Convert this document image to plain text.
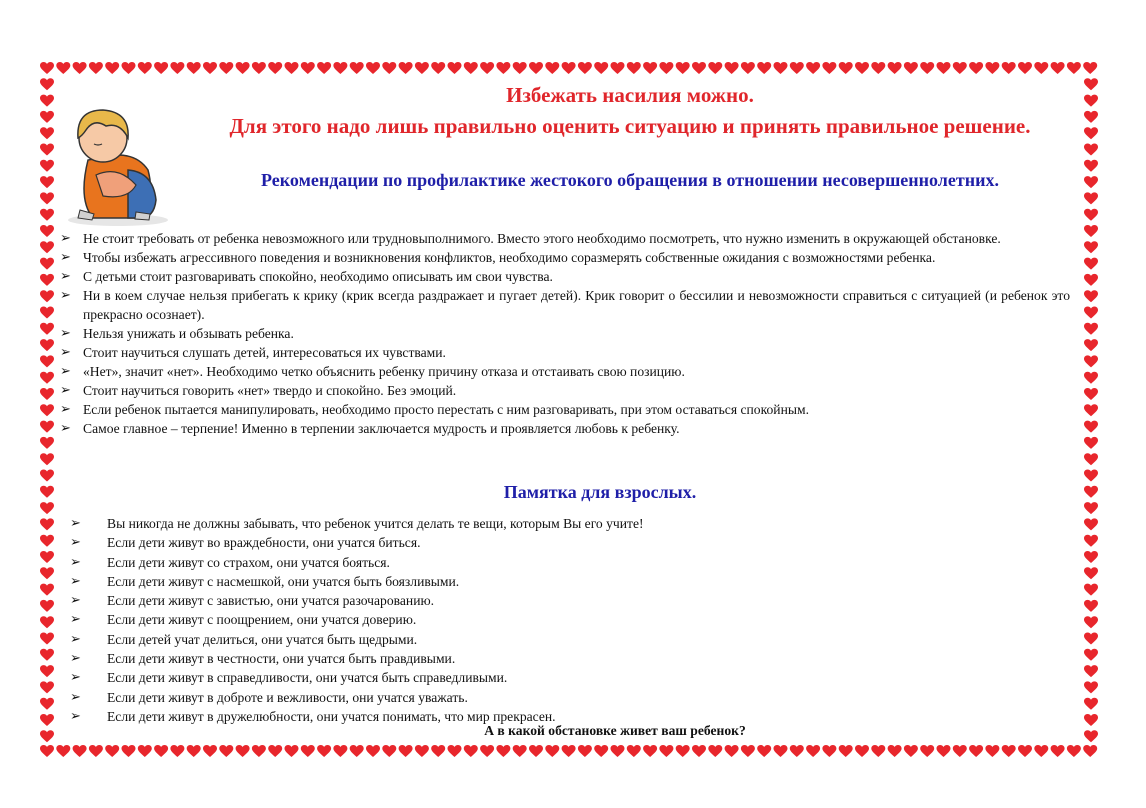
Избежать насилия можно.
Для этого надо лишь правильно оценить ситуацию и принять правильное решение.
Рекомендации по профилактике жестокого обращения в отношении несовершеннолетних.
➢ Не стоит требовать от ребенка невозможного или трудновыполнимого. Вместо этого необходимо посмотреть, что нужно изменить в окружающей обстановке.
➢ Чтобы избежать агрессивного поведения и возникновения конфликтов, необходимо соразмерять собственные ожидания с возможностями ребенка.
➢ С детьми стоит разговаривать спокойно, необходимо описывать им свои чувства.
➢ Ни в коем случае нельзя прибегать к крику (крик всегда раздражает и пугает детей). Крик говорит о бессилии и невозможности справиться с ситуацией (и ребенок это прекрасно осознает).
➢ Нельзя унижать и обзывать ребенка.
➢ Стоит научиться слушать детей, интересоваться их чувствами.
➢ «Нет», значит «нет». Необходимо четко объяснить ребенку причину отказа и отстаивать свою позицию.
➢ Стоит научиться говорить «нет» твердо и спокойно. Без эмоций.
➢ Если ребенок пытается манипулировать, необходимо просто перестать с ним разговаривать, при этом оставаться спокойным.
➢ Самое главное – терпение! Именно в терпении заключается мудрость и проявляется любовь к ребенку.
Памятка для взрослых.
➢ Вы никогда не должны забывать, что ребенок учится делать те вещи, которым Вы его учите!
➢ Если дети живут во враждебности, они учатся биться.
➢ Если дети живут со страхом, они учатся бояться.
➢ Если дети живут с насмешкой, они учатся быть боязливыми.
➢ Если дети живут с завистью, они учатся разочарованию.
➢ Если дети живут с поощрением, они учатся доверию.
➢ Если детей учат делиться, они учатся быть щедрыми.
➢ Если дети живут в честности, они учатся быть правдивыми.
➢ Если дети живут в справедливости, они учатся быть справедливыми.
➢ Если дети живут в доброте и вежливости, они учатся уважать.
➢ Если дети живут в дружелюбности, они учатся понимать, что мир прекрасен.
А в какой обстановке живет ваш ребенок?
